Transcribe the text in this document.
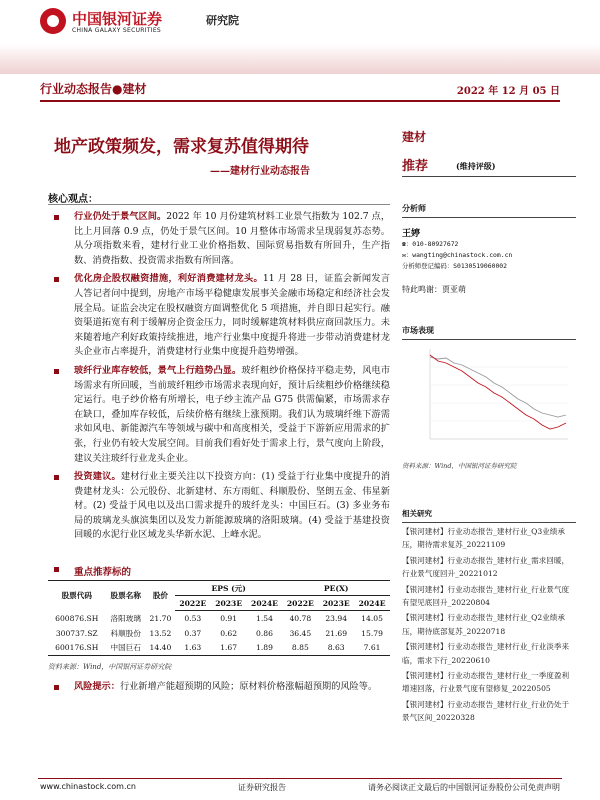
中国银河证券
CHINA GALAXY SECURITIES
研究院
行业动态报告●建材	2022 年 12 月 05 日
地产政策频发，需求复苏值得期待
——建材行业动态报告
核心观点：

行业仍处于景气区间。2022 年 10 月份建筑材料工业景气指数为 102.7 点，比上月回落 0.9 点，仍处于景气区间。10 月整体市场需求呈现弱复苏态势。从分项指数来看，建材行业工业价格指数、国际贸易指数有所回升，生产指数、消费指数、投资需求指数有所回落。

优化房企股权融资措施，利好消费建材龙头。11 月 28 日，证监会新闻发言人答记者问中提到，房地产市场平稳健康发展事关金融市场稳定和经济社会发展全局。证监会决定在股权融资方面调整优化 5 项措施，并自即日起实行。融资渠道拓宽有利于缓解房企资金压力，同时缓解建筑材料供应商回款压力。未来随着地产利好政策持续推进，地产行业集中度提升将进一步带动消费建材龙头企业市占率提升，消费建材行业集中度提升趋势增强。

玻纤行业库存较低，景气上行趋势凸显。玻纤粗纱价格保持平稳走势，风电市场需求有所回暖，当前玻纤粗纱市场需求表现向好，预计后续粗纱价格继续稳定运行。电子纱价格有所增长，电子纱主流产品 G75 供需偏紧，市场需求存在缺口，叠加库存较低，后续价格有继续上涨预期。我们认为玻璃纤维下游需求如风电、新能源汽车等领域与碳中和高度相关，受益于下游新应用需求的扩张，行业仍有较大发展空间。目前我们看好处于需求上行，景气度向上阶段，建议关注玻纤行业龙头企业。

投资建议。建材行业主要关注以下投资方向：(1) 受益于行业集中度提升的消费建材龙头：公元股份、北新建材、东方雨虹、科顺股份、坚朗五金、伟星新材。(2) 受益于风电以及出口需求提升的玻纤龙头：中国巨石。(3) 多业务布局的玻璃龙头旗滨集团以及发力新能源玻璃的洛阳玻璃。(4) 受益于基建投资回暖的水泥行业区域龙头华新水泥、上峰水泥。

重点推荐标的
股票代码	股票名称	股价	EPS (元)			PE(X)		
			2022E	2023E	2024E	2022E	2023E	2024E
600876.SH	洛阳玻璃	21.70	0.53	0.91	1.54	40.78	23.94	14.05
300737.SZ	科顺股份	13.52	0.37	0.62	0.86	36.45	21.69	15.79
600176.SH	中国巨石	14.40	1.63	1.67	1.89	8.85	8.63	7.61
资料来源：Wind，中国银河证券研究院

风险提示：行业新增产能超预期的风险；原材料价格涨幅超预期的风险等。

建材
推荐	(维持评级)
分析师
王婷
☎：010-80927672
✉：wangting@chinastock.com.cn
分析师登记编码：S0130519060002
特此鸣谢：贾亚萌
市场表现
资料来源：Wind，中国银河证券研究院
相关研究
【银河建材】行业动态报告_建材行业_Q3业绩承压，期待需求复苏_20221109
【银河建材】行业动态报告_建材行业_需求回暖，行业景气度回升_20221012
【银河建材】行业动态报告_建材行业_行业景气度有望见底回升_20220804
【银河建材】行业动态报告_建材行业_Q2业绩承压，期待底部复苏_20220718
【银河建材】行业动态报告_建材行业_行业淡季来临，需求下行_20220610
【银河建材】行业动态报告_建材行业_一季度盈利增速回落，行业景气度有望修复_20220505
【银河建材】行业动态报告_建材行业_行业仍处于景气区间_20220328
www.chinastock.com.cn	证券研究报告	请务必阅读正文最后的中国银河证券股份公司免责声明
